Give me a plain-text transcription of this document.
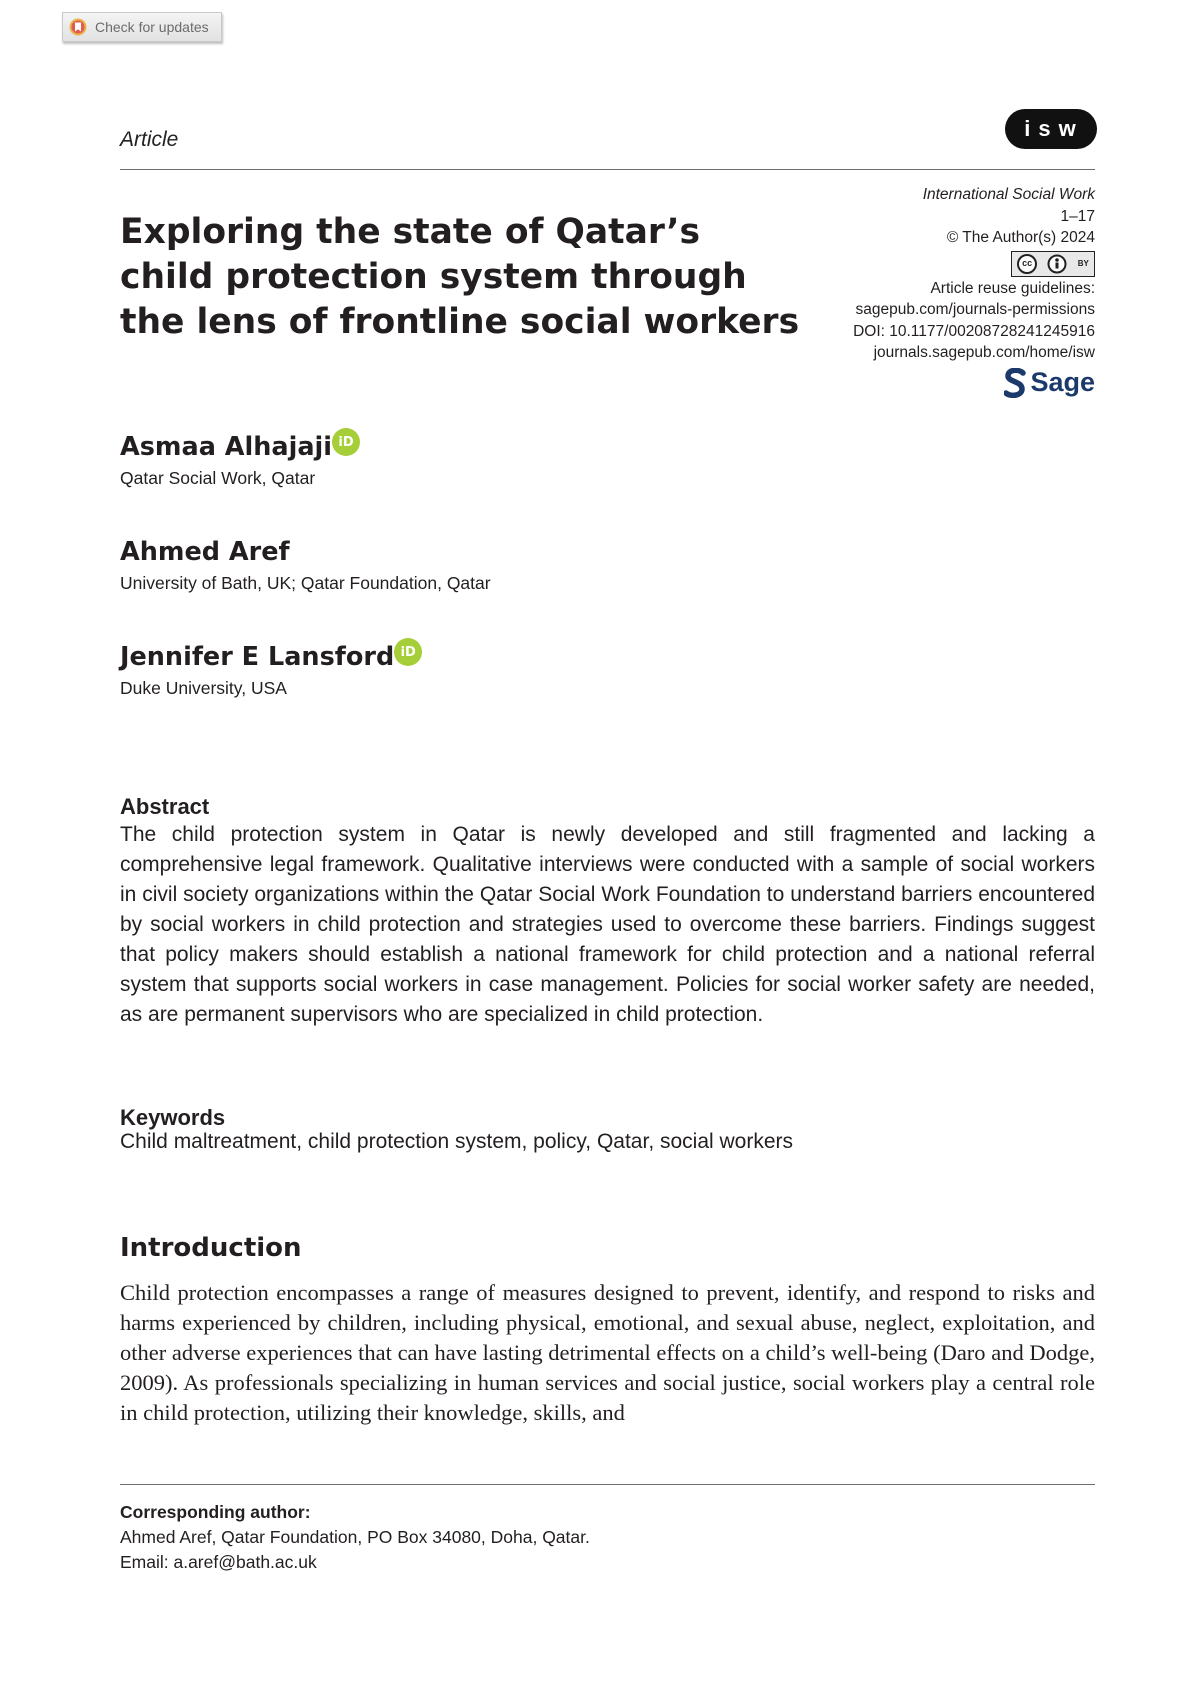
Check for updates
Article	isw
Exploring the state of Qatar’s child protection system through the lens of frontline social workers
International Social Work
1–17
© The Author(s) 2024
cc	BY
Article reuse guidelines:
sagepub.com/journals-permissions
DOI: 10.1177/00208728241245916
journals.sagepub.com/home/isw
Sage
Asmaa Alhajaji iD
Qatar Social Work, Qatar
Ahmed Aref
University of Bath, UK; Qatar Foundation, Qatar
Jennifer E Lansford iD
Duke University, USA
Abstract

The child protection system in Qatar is newly developed and still fragmented and lacking a comprehensive legal framework. Qualitative interviews were conducted with a sample of social workers in civil society organizations within the Qatar Social Work Foundation to understand barriers encountered by social workers in child protection and strategies used to overcome these barriers. Findings suggest that policy makers should establish a national framework for child protection and a national referral system that supports social workers in case management. Policies for social worker safety are needed, as are permanent supervisors who are specialized in child protection.

Keywords
Child maltreatment, child protection system, policy, Qatar, social workers
Introduction

Child protection encompasses a range of measures designed to prevent, identify, and respond to risks and harms experienced by children, including physical, emotional, and sexual abuse, neglect, exploitation, and other adverse experiences that can have lasting detrimental effects on a child’s well-being (Daro and Dodge, 2009). As professionals specializing in human services and social justice, social workers play a central role in child protection, utilizing their knowledge, skills, and

Corresponding author:
Ahmed Aref, Qatar Foundation, PO Box 34080, Doha, Qatar.
Email: a.aref@bath.ac.uk
